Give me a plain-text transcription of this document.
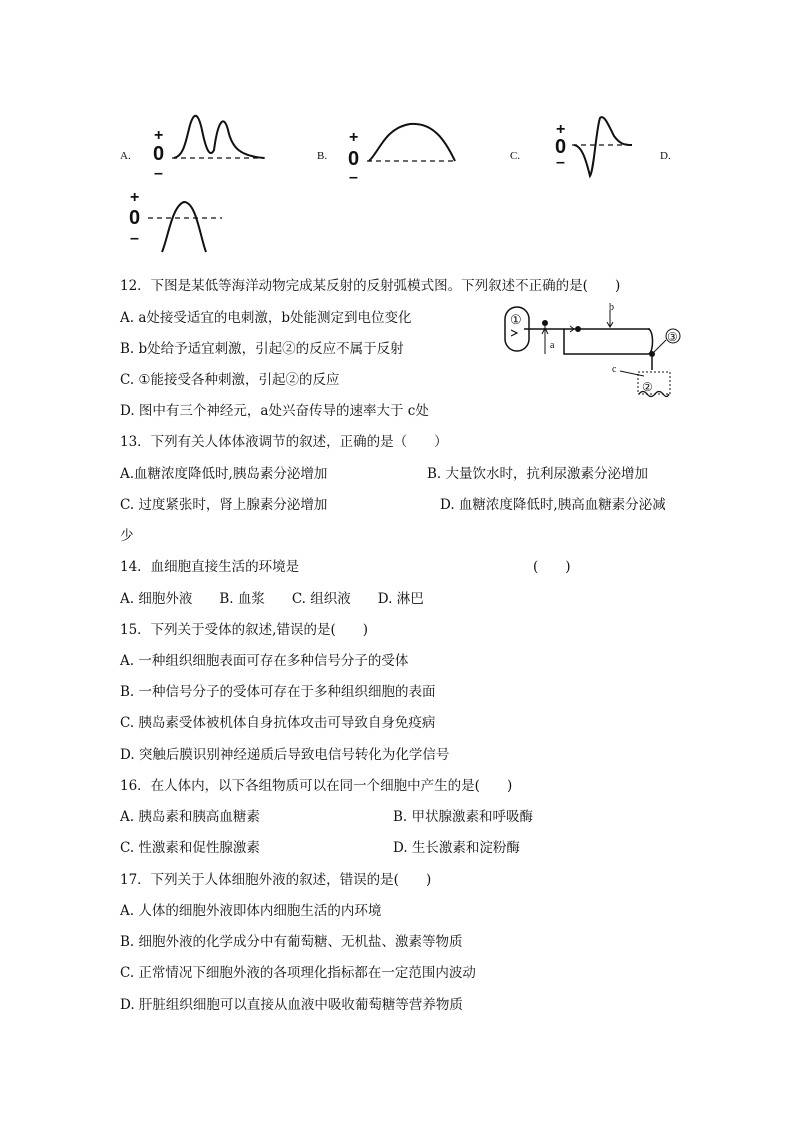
A.
+
0
–
B.
+
0
–
C.
+
0
–	D.
+
0
–
12．下图是某低等海洋动物完成某反射的反射弧模式图。下列叙述不正确的是(　　)
A. a处接受适宜的电刺激，b处能测定到电位变化
B. b处给予适宜刺激，引起②的反应不属于反射
C. ①能接受各种刺激，引起②的反应
D. 图中有三个神经元，a处兴奋传导的速率大于 c处
①
a
b
③
c
②
13．下列有关人体体液调节的叙述，正确的是（　　）
A.血糖浓度降低时,胰岛素分泌增加	B. 大量饮水时，抗利尿激素分泌增加
C. 过度紧张时，肾上腺素分泌增加	D. 血糖浓度降低时,胰高血糖素分泌减
少
14．血细胞直接生活的环境是	(　　)
A. 细胞外液　　B. 血浆　　C. 组织液　　D. 淋巴
15．下列关于受体的叙述,错误的是(　　)
A. 一种组织细胞表面可存在多种信号分子的受体
B. 一种信号分子的受体可存在于多种组织细胞的表面
C. 胰岛素受体被机体自身抗体攻击可导致自身免疫病
D. 突触后膜识别神经递质后导致电信号转化为化学信号
16．在人体内，以下各组物质可以在同一个细胞中产生的是(　　)
A. 胰岛素和胰高血糖素	B. 甲状腺激素和呼吸酶
C. 性激素和促性腺激素	D. 生长激素和淀粉酶
17．下列关于人体细胞外液的叙述，错误的是(　　)
A. 人体的细胞外液即体内细胞生活的内环境
B. 细胞外液的化学成分中有葡萄糖、无机盐、激素等物质
C. 正常情况下细胞外液的各项理化指标都在一定范围内波动
D. 肝脏组织细胞可以直接从血液中吸收葡萄糖等营养物质
